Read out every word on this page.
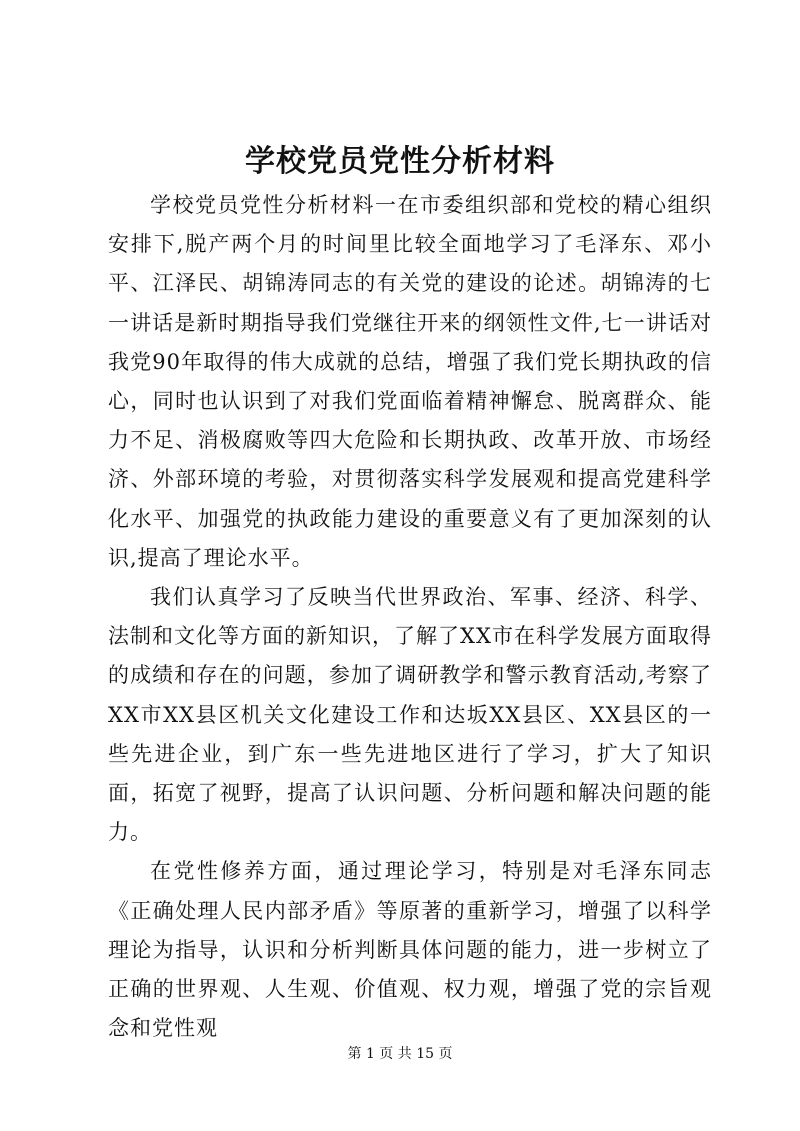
学校党员党性分析材料

学校党员党性分析材料一在市委组织部和党校的精心组织安排下,脱产两个月的时间里比较全面地学习了毛泽东、邓小平、江泽民、胡锦涛同志的有关党的建设的论述。胡锦涛的七一讲话是新时期指导我们党继往开来的纲领性文件,七一讲话对我党90年取得的伟大成就的总结，增强了我们党长期执政的信心，同时也认识到了对我们党面临着精神懈怠、脱离群众、能力不足、消极腐败等四大危险和长期执政、改革开放、市场经济、外部环境的考验，对贯彻落实科学发展观和提高党建科学化水平、加强党的执政能力建设的重要意义有了更加深刻的认识,提高了理论水平。

我们认真学习了反映当代世界政治、军事、经济、科学、法制和文化等方面的新知识，了解了XX市在科学发展方面取得的成绩和存在的问题，参加了调研教学和警示教育活动,考察了XX市XX县区机关文化建设工作和达坂XX县区、XX县区的一些先进企业，到广东一些先进地区进行了学习，扩大了知识面，拓宽了视野，提高了认识问题、分析问题和解决问题的能力。

在党性修养方面，通过理论学习，特别是对毛泽东同志《正确处理人民内部矛盾》等原著的重新学习，增强了以科学理论为指导，认识和分析判断具体问题的能力，进一步树立了正确的世界观、人生观、价值观、权力观，增强了党的宗旨观念和党性观

第 1 页 共 15 页
